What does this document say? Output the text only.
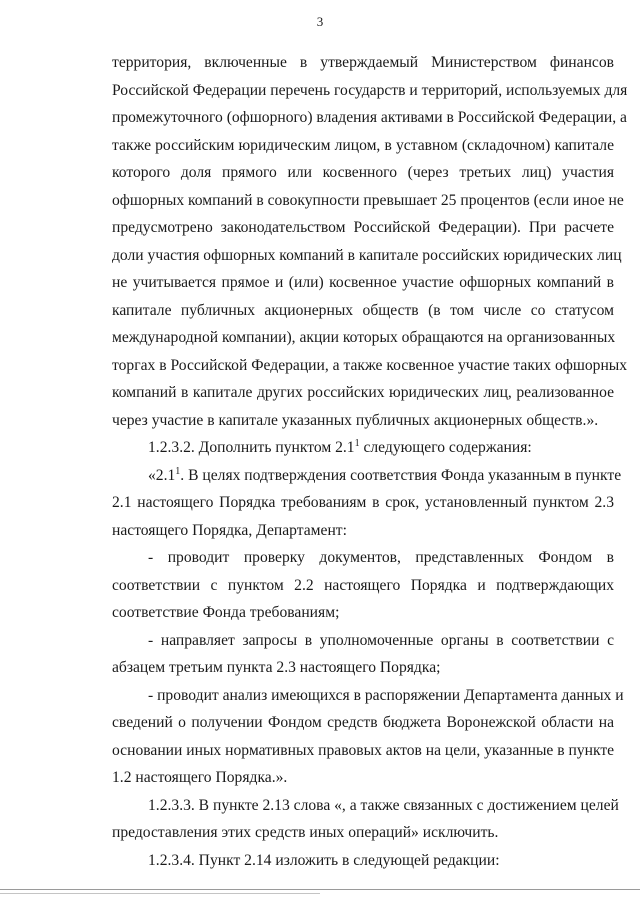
3
территория, включенные в утверждаемый Министерством финансов
Российской Федерации перечень государств и территорий, используемых для
промежуточного (офшорного) владения активами в Российской Федерации, а
также российским юридическим лицом, в уставном (складочном) капитале
которого доля прямого или косвенного (через третьих лиц) участия
офшорных компаний в совокупности превышает 25 процентов (если иное не
предусмотрено законодательством Российской Федерации). При расчете
доли участия офшорных компаний в капитале российских юридических лиц
не учитывается прямое и (или) косвенное участие офшорных компаний в
капитале публичных акционерных обществ (в том числе со статусом
международной компании), акции которых обращаются на организованных
торгах в Российской Федерации, а также косвенное участие таких офшорных
компаний в капитале других российских юридических лиц, реализованное
через участие в капитале указанных публичных акционерных обществ.».
1.2.3.2. Дополнить пунктом $2.1^1$ следующего содержания:
«$2.1^1$. В целях подтверждения соответствия Фонда указанным в пункте
2.1 настоящего Порядка требованиям в срок, установленный пунктом 2.3
настоящего Порядка, Департамент:
- проводит проверку документов, представленных Фондом в
соответствии с пунктом 2.2 настоящего Порядка и подтверждающих
соответствие Фонда требованиям;
- направляет запросы в уполномоченные органы в соответствии с
абзацем третьим пункта 2.3 настоящего Порядка;
- проводит анализ имеющихся в распоряжении Департамента данных и
сведений о получении Фондом средств бюджета Воронежской области на
основании иных нормативных правовых актов на цели, указанные в пункте
1.2 настоящего Порядка.».
1.2.3.3. В пункте 2.13 слова «, а также связанных с достижением целей
предоставления этих средств иных операций» исключить.
1.2.3.4. Пункт 2.14 изложить в следующей редакции:
